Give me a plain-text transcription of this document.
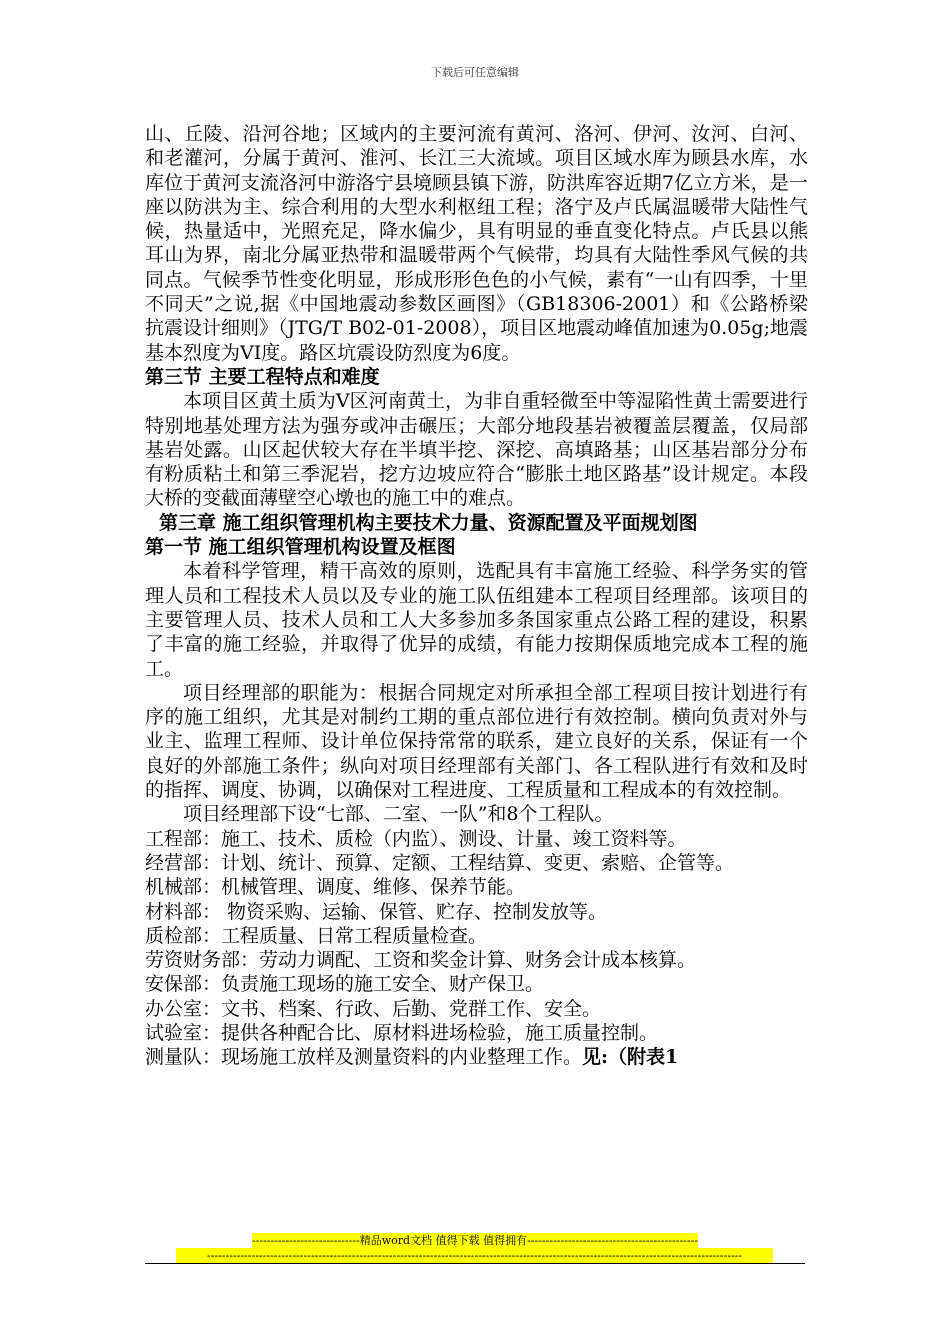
下载后可任意编辑

山、丘陵、沿河谷地；区域内的主要河流有黄河、洛河、伊河、汝河、白河、和老灌河，分属于黄河、淮河、长江三大流域。项目区域水库为顾县水库，水库位于黄河支流洛河中游洛宁县境顾县镇下游，防洪库容近期7亿立方米，是一座以防洪为主、综合利用的大型水利枢纽工程；洛宁及卢氏属温暖带大陆性气候，热量适中，光照充足，降水偏少，具有明显的垂直变化特点。卢氏县以熊耳山为界，南北分属亚热带和温暖带两个气候带，均具有大陆性季风气候的共同点。气候季节性变化明显，形成形形色色的小气候，素有“一山有四季，十里不同天”之说,据《中国地震动参数区画图》（GB18306-2001）和《公路桥梁抗震设计细则》（JTG/T B02-01-2008），项目区地震动峰值加速为0.05g;地震基本烈度为VI度。路区坑震设防烈度为6度。

第三节 主要工程特点和难度

本项目区黄土质为Ⅴ区河南黄土，为非自重轻微至中等湿陷性黄土需要进行特别地基处理方法为强夯或冲击碾压；大部分地段基岩被覆盖层覆盖，仅局部基岩处露。山区起伏较大存在半填半挖、深挖、高填路基；山区基岩部分分布有粉质粘土和第三季泥岩，挖方边坡应符合“膨胀土地区路基”设计规定。本段大桥的变截面薄壁空心墩也的施工中的难点。

第三章 施工组织管理机构主要技术力量、资源配置及平面规划图

第一节 施工组织管理机构设置及框图

本着科学管理，精干高效的原则，选配具有丰富施工经验、科学务实的管理人员和工程技术人员以及专业的施工队伍组建本工程项目经理部。该项目的主要管理人员、技术人员和工人大多参加多条国家重点公路工程的建设，积累了丰富的施工经验，并取得了优异的成绩，有能力按期保质地完成本工程的施工。

项目经理部的职能为：根据合同规定对所承担全部工程项目按计划进行有序的施工组织，尤其是对制约工期的重点部位进行有效控制。横向负责对外与业主、监理工程师、设计单位保持常常的联系，建立良好的关系，保证有一个良好的外部施工条件；纵向对项目经理部有关部门、各工程队进行有效和及时的指挥、调度、协调，以确保对工程进度、工程质量和工程成本的有效控制。

项目经理部下设“七部、二室、一队”和8个工程队。

工程部：施工、技术、质检（内监）、测设、计量、竣工资料等。

经营部：计划、统计、预算、定额、工程结算、变更、索赔、企管等。

机械部：机械管理、调度、维修、保养节能。

材料部： 物资采购、运输、保管、贮存、控制发放等。

质检部：工程质量、日常工程质量检查。

劳资财务部：劳动力调配、工资和奖金计算、财务会计成本核算。

安保部：负责施工现场的施工安全、财产保卫。

办公室：文书、档案、行政、后勤、党群工作、安全。

试验室：提供各种配合比、原材料进场检验，施工质量控制。

测量队：现场施工放样及测量资料的内业整理工作。见:（附表1

-----------------------------精品word文档 值得下载 值得拥有----------------------------------------------
------------------------------------------------------------------------------------------------------------------------------------------------
